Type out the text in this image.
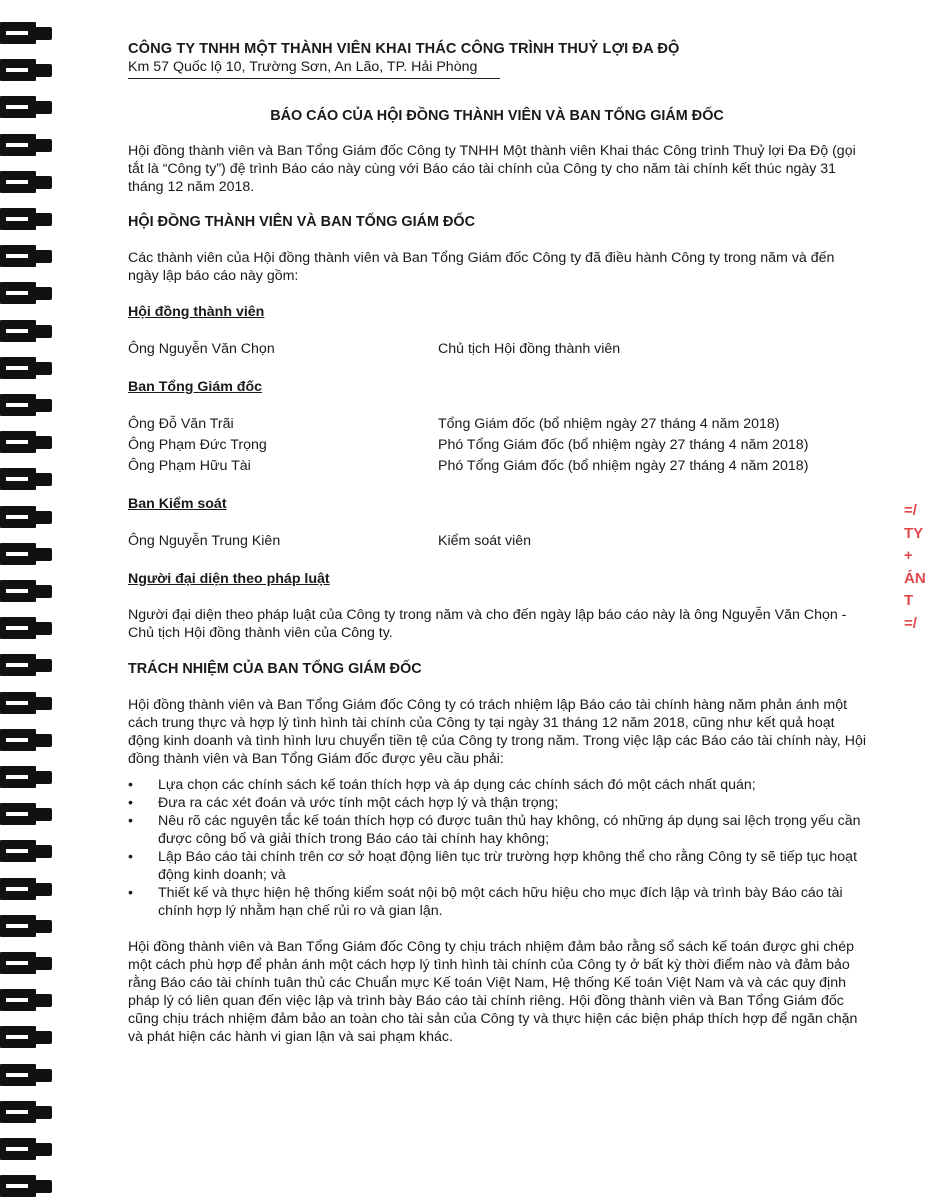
=/
TY
+
ÁN
T
=/

CÔNG TY TNHH MỘT THÀNH VIÊN KHAI THÁC CÔNG TRÌNH THUỶ LỢI ĐA ĐỘ

Km 57 Quốc lộ 10, Trường Sơn, An Lão, TP. Hải Phòng

BÁO CÁO CỦA HỘI ĐỒNG THÀNH VIÊN VÀ BAN TỔNG GIÁM ĐỐC

Hội đồng thành viên và Ban Tổng Giám đốc Công ty TNHH Một thành viên Khai thác Công trình Thuỷ lợi Đa Độ (gọi tắt là “Công ty”) đệ trình Báo cáo này cùng với Báo cáo tài chính của Công ty cho năm tài chính kết thúc ngày 31 tháng 12 năm 2018.

HỘI ĐỒNG THÀNH VIÊN VÀ BAN TỔNG GIÁM ĐỐC

Các thành viên của Hội đồng thành viên và Ban Tổng Giám đốc Công ty đã điều hành Công ty trong năm và đến ngày lập báo cáo này gồm:

Hội đồng thành viên

Ông Nguyễn Văn Chọn	Chủ tịch Hội đồng thành viên

Ban Tổng Giám đốc

Ông Đỗ Văn Trãi	Tổng Giám đốc (bổ nhiệm ngày 27 tháng 4 năm 2018)
Ông Phạm Đức Trọng	Phó Tổng Giám đốc (bổ nhiệm ngày 27 tháng 4 năm 2018)
Ông Phạm Hữu Tài	Phó Tổng Giám đốc (bổ nhiệm ngày 27 tháng 4 năm 2018)

Ban Kiểm soát

Ông Nguyễn Trung Kiên	Kiểm soát viên

Người đại diện theo pháp luật

Người đại diện theo pháp luật của Công ty trong năm và cho đến ngày lập báo cáo này là ông Nguyễn Văn Chọn - Chủ tịch Hội đồng thành viên của Công ty.

TRÁCH NHIỆM CỦA BAN TỔNG GIÁM ĐỐC

Hội đồng thành viên và Ban Tổng Giám đốc Công ty có trách nhiệm lập Báo cáo tài chính hàng năm phản ánh một cách trung thực và hợp lý tình hình tài chính của Công ty tại ngày 31 tháng 12 năm 2018, cũng như kết quả hoạt động kinh doanh và tình hình lưu chuyển tiền tệ của Công ty trong năm. Trong việc lập các Báo cáo tài chính này, Hội đồng thành viên và Ban Tổng Giám đốc được yêu cầu phải:

• Lựa chọn các chính sách kế toán thích hợp và áp dụng các chính sách đó một cách nhất quán;
• Đưa ra các xét đoán và ước tính một cách hợp lý và thận trọng;
• Nêu rõ các nguyên tắc kế toán thích hợp có được tuân thủ hay không, có những áp dụng sai lệch trọng yếu cần được công bố và giải thích trong Báo cáo tài chính hay không;
• Lập Báo cáo tài chính trên cơ sở hoạt động liên tục trừ trường hợp không thể cho rằng Công ty sẽ tiếp tục hoạt động kinh doanh; và
• Thiết kế và thực hiện hệ thống kiểm soát nội bộ một cách hữu hiệu cho mục đích lập và trình bày Báo cáo tài chính hợp lý nhằm hạn chế rủi ro và gian lận.

Hội đồng thành viên và Ban Tổng Giám đốc Công ty chịu trách nhiệm đảm bảo rằng sổ sách kế toán được ghi chép một cách phù hợp để phản ánh một cách hợp lý tình hình tài chính của Công ty ở bất kỳ thời điểm nào và đảm bảo rằng Báo cáo tài chính tuân thủ các Chuẩn mực Kế toán Việt Nam, Hệ thống Kế toán Việt Nam và và các quy định pháp lý có liên quan đến việc lập và trình bày Báo cáo tài chính riêng. Hội đồng thành viên và Ban Tổng Giám đốc cũng chịu trách nhiệm đảm bảo an toàn cho tài sản của Công ty và thực hiện các biện pháp thích hợp để ngăn chặn và phát hiện các hành vi gian lận và sai phạm khác.
